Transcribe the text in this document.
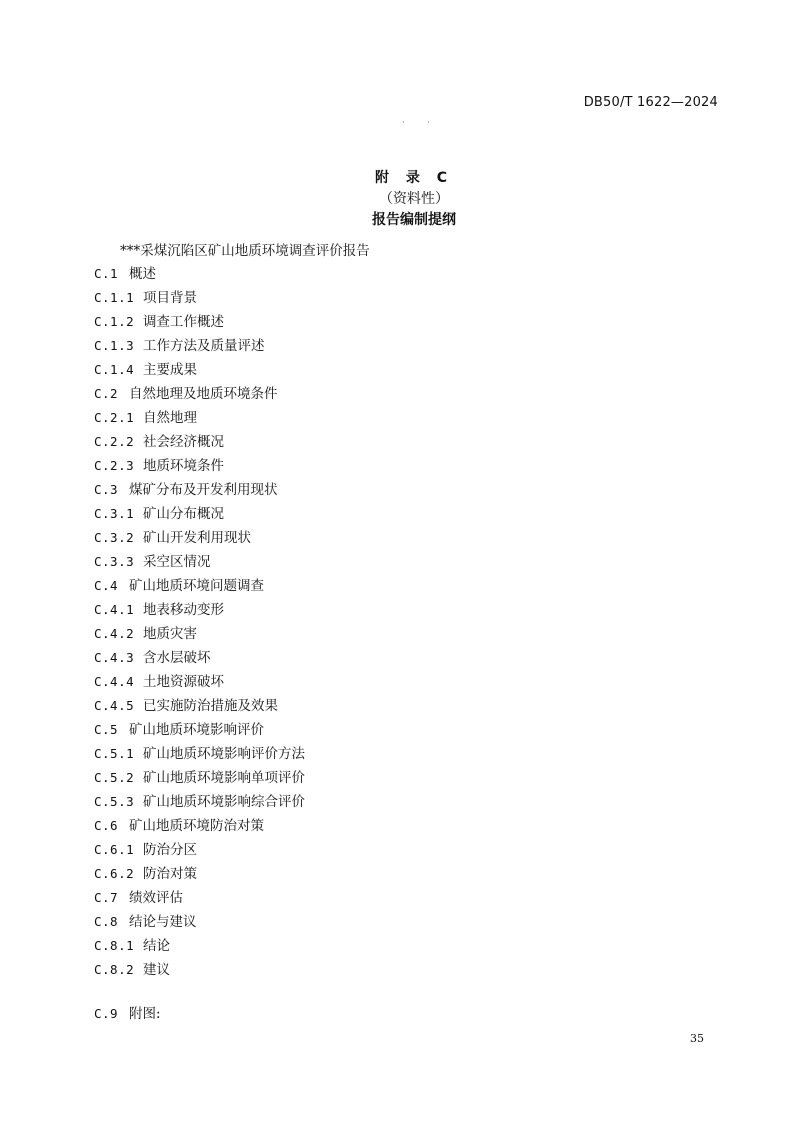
DB50/T 1622—2024
· ·
附 录 C
（资料性）
报告编制提纲
***采煤沉陷区矿山地质环境调查评价报告
C.1 概述
C.1.1 项目背景
C.1.2 调查工作概述
C.1.3 工作方法及质量评述
C.1.4 主要成果
C.2 自然地理及地质环境条件
C.2.1 自然地理
C.2.2 社会经济概况
C.2.3 地质环境条件
C.3 煤矿分布及开发利用现状
C.3.1 矿山分布概况
C.3.2 矿山开发利用现状
C.3.3 采空区情况
C.4 矿山地质环境问题调查
C.4.1 地表移动变形
C.4.2 地质灾害
C.4.3 含水层破坏
C.4.4 土地资源破坏
C.4.5 已实施防治措施及效果
C.5 矿山地质环境影响评价
C.5.1 矿山地质环境影响评价方法
C.5.2 矿山地质环境影响单项评价
C.5.3 矿山地质环境影响综合评价
C.6 矿山地质环境防治对策
C.6.1 防治分区
C.6.2 防治对策
C.7 绩效评估
C.8 结论与建议
C.8.1 结论
C.8.2 建议
C.9 附图:
35
